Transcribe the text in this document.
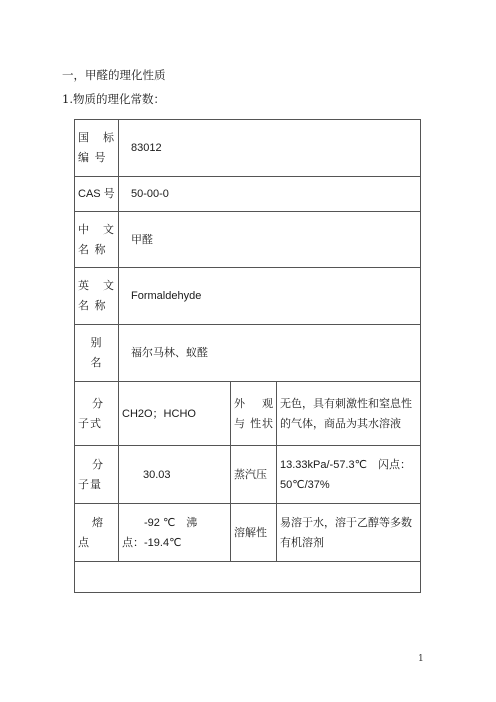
一，甲醛的理化性质
1.物质的理化常数：
国 标 编 号	83012		
CAS 号	50-00-0		
中 文 名 称	甲醛		
英 文 名 称	Formaldehyde		
别 名	福尔马林、蚁醛		
分 子式	CH2O；HCHO	外 观 与 性状	无色，具有刺激性和窒息性的气体，商品为其水溶液
分 子量	30.03	蒸汽压	13.33kPa/-57.3℃　闪点：50℃/37%
熔 点	-92 ℃　沸 点：-19.4℃	溶解性	易溶于水，溶于乙醇等多数有机溶剂

1
